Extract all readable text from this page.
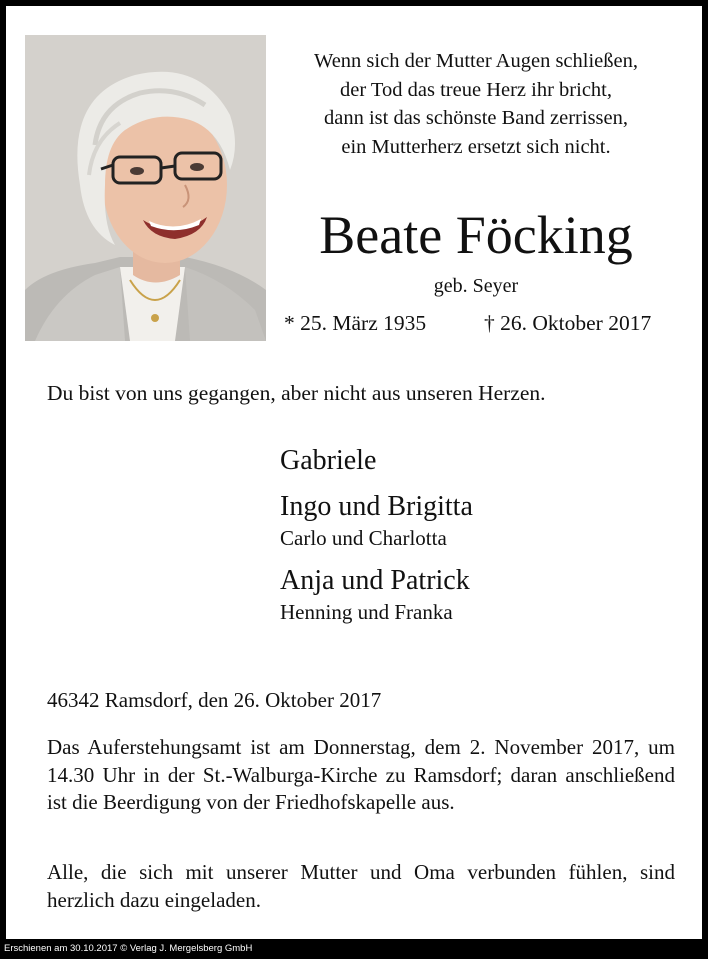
Wenn sich der Mutter Augen schließen,
der Tod das treue Herz ihr bricht,
dann ist das schönste Band zerrissen,
ein Mutterherz ersetzt sich nicht.
Beate Föcking
geb. Seyer
* 25. März 1935	† 26. Oktober 2017
Du bist von uns gegangen, aber nicht aus unseren Herzen.
Gabriele
Ingo und Brigitta
Carlo und Charlotta
Anja und Patrick
Henning und Franka
46342 Ramsdorf, den 26. Oktober 2017
Das Auferstehungsamt ist am Donnerstag, dem 2. November 2017, um 14.30 Uhr in der St.-Walburga-Kirche zu Ramsdorf; daran anschließend ist die Beerdigung von der Friedhofskapelle aus.
Alle, die sich mit unserer Mutter und Oma verbunden fühlen, sind herzlich dazu eingeladen.
Erschienen am 30.10.2017 © Verlag J. Mergelsberg GmbH
